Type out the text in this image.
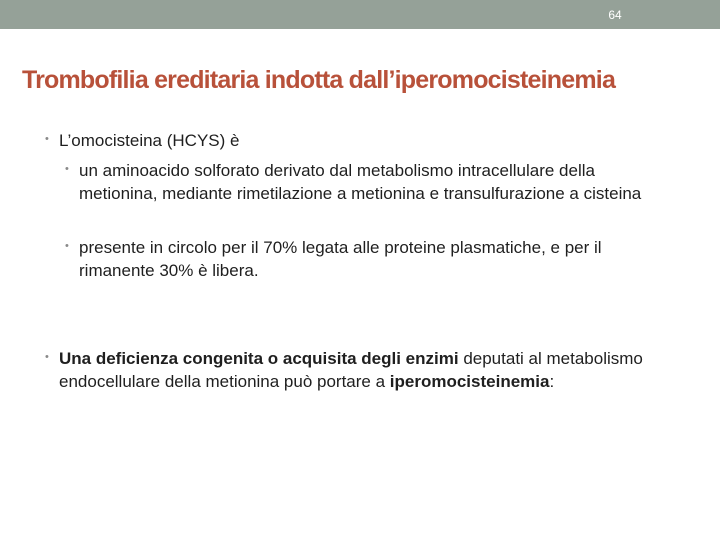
64
Trombofilia ereditaria indotta dall’iperomocisteinemia
• L’omocisteina (HCYS) è
• un aminoacido solforato derivato dal metabolismo intracellulare della metionina, mediante rimetilazione a metionina e transulfurazione a cisteina
• presente in circolo per il 70% legata alle proteine plasmatiche, e per il rimanente 30% è libera.
• Una deficienza congenita o acquisita degli enzimi deputati al metabolismo endocellulare della metionina può portare a iperomocisteinemia:
